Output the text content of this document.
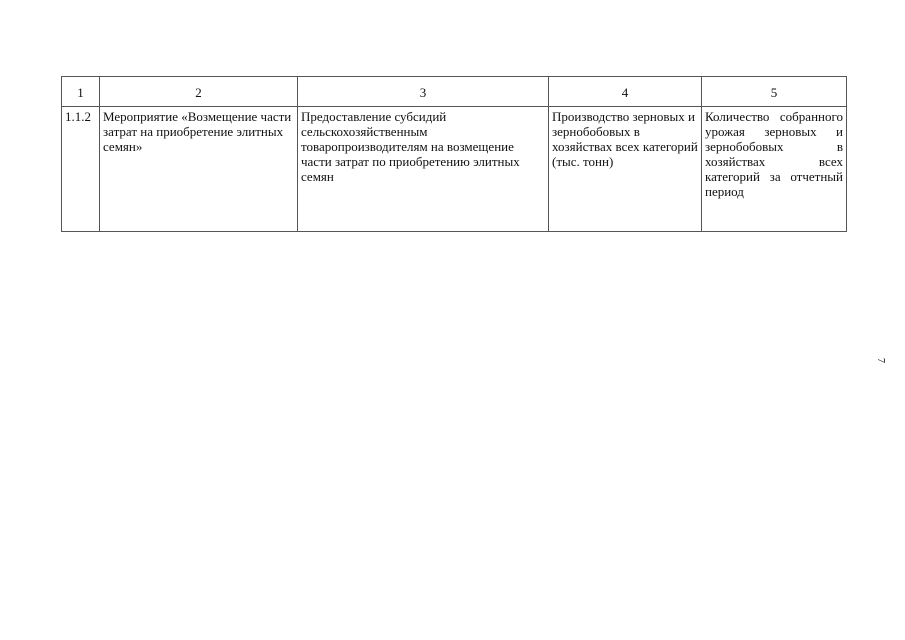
1	2	3	4	5
1.1.2	Мероприятие «Возмещение части затрат на приобретение элитных семян»	Предоставление субсидий сельскохозяйственным товаропроизводителям на возмещение части затрат по приобретению элитных семян	Производство зерновых и зернобобовых в хозяйствах всех категорий (тыс. тонн)	Количество собранного урожая зерновых и зернобобовых в хозяйствах всех категорий за отчетный период
7
